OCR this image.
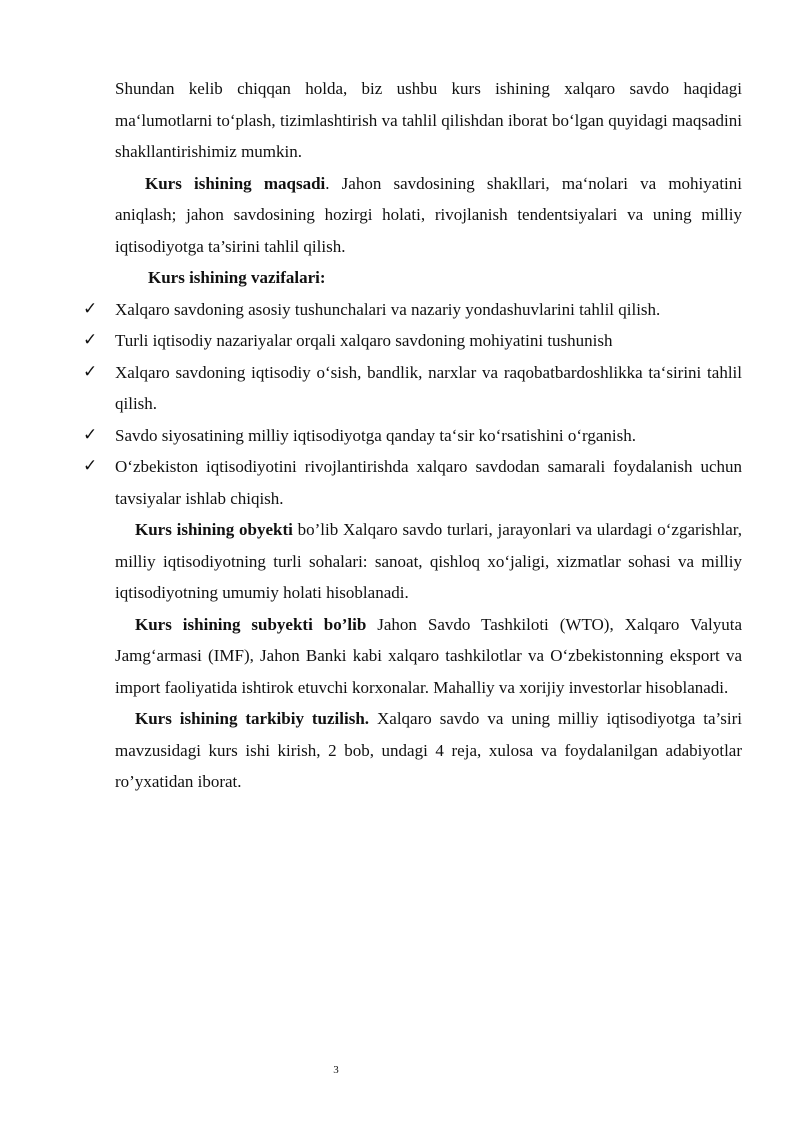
Shundan kelib chiqqan holda, biz ushbu kurs ishining xalqaro savdo haqidagi ma‘lumotlarni to‘plash, tizimlashtirish va tahlil qilishdan iborat bo‘lgan quyidagi maqsadini shakllantirishimiz mumkin.

Kurs ishining maqsadi. Jahon savdosining shakllari, ma‘nolari va mohiyatini aniqlash; jahon savdosining hozirgi holati, rivojlanish tendentsiyalari va uning milliy iqtisodiyotga ta’sirini tahlil qilish.

Kurs ishining vazifalari:

✓ Xalqaro savdoning asosiy tushunchalari va nazariy yondashuvlarini tahlil qilish.
✓ Turli iqtisodiy nazariyalar orqali xalqaro savdoning mohiyatini tushunish
✓ Xalqaro savdoning iqtisodiy o‘sish, bandlik, narxlar va raqobatbardoshlikka ta‘sirini tahlil qilish.
✓ Savdo siyosatining milliy iqtisodiyotga qanday ta‘sir ko‘rsatishini o‘rganish.
✓ O‘zbekiston iqtisodiyotini rivojlantirishda xalqaro savdodan samarali foydalanish uchun tavsiyalar ishlab chiqish.

Kurs ishining obyekti bo’lib Xalqaro savdo turlari, jarayonlari va ulardagi o‘zgarishlar, milliy iqtisodiyotning turli sohalari: sanoat, qishloq xo‘jaligi, xizmatlar sohasi va milliy iqtisodiyotning umumiy holati hisoblanadi.

Kurs ishining subyekti bo’lib Jahon Savdo Tashkiloti (WTO), Xalqaro Valyuta Jamg‘armasi (IMF), Jahon Banki kabi xalqaro tashkilotlar va O‘zbekistonning eksport va import faoliyatida ishtirok etuvchi korxonalar. Mahalliy va xorijiy investorlar hisoblanadi.

Kurs ishining tarkibiy tuzilish. Xalqaro savdo va uning milliy iqtisodiyotga ta’siri mavzusidagi kurs ishi kirish, 2 bob, undagi 4 reja, xulosa va foydalanilgan adabiyotlar ro’yxatidan iborat.

3
